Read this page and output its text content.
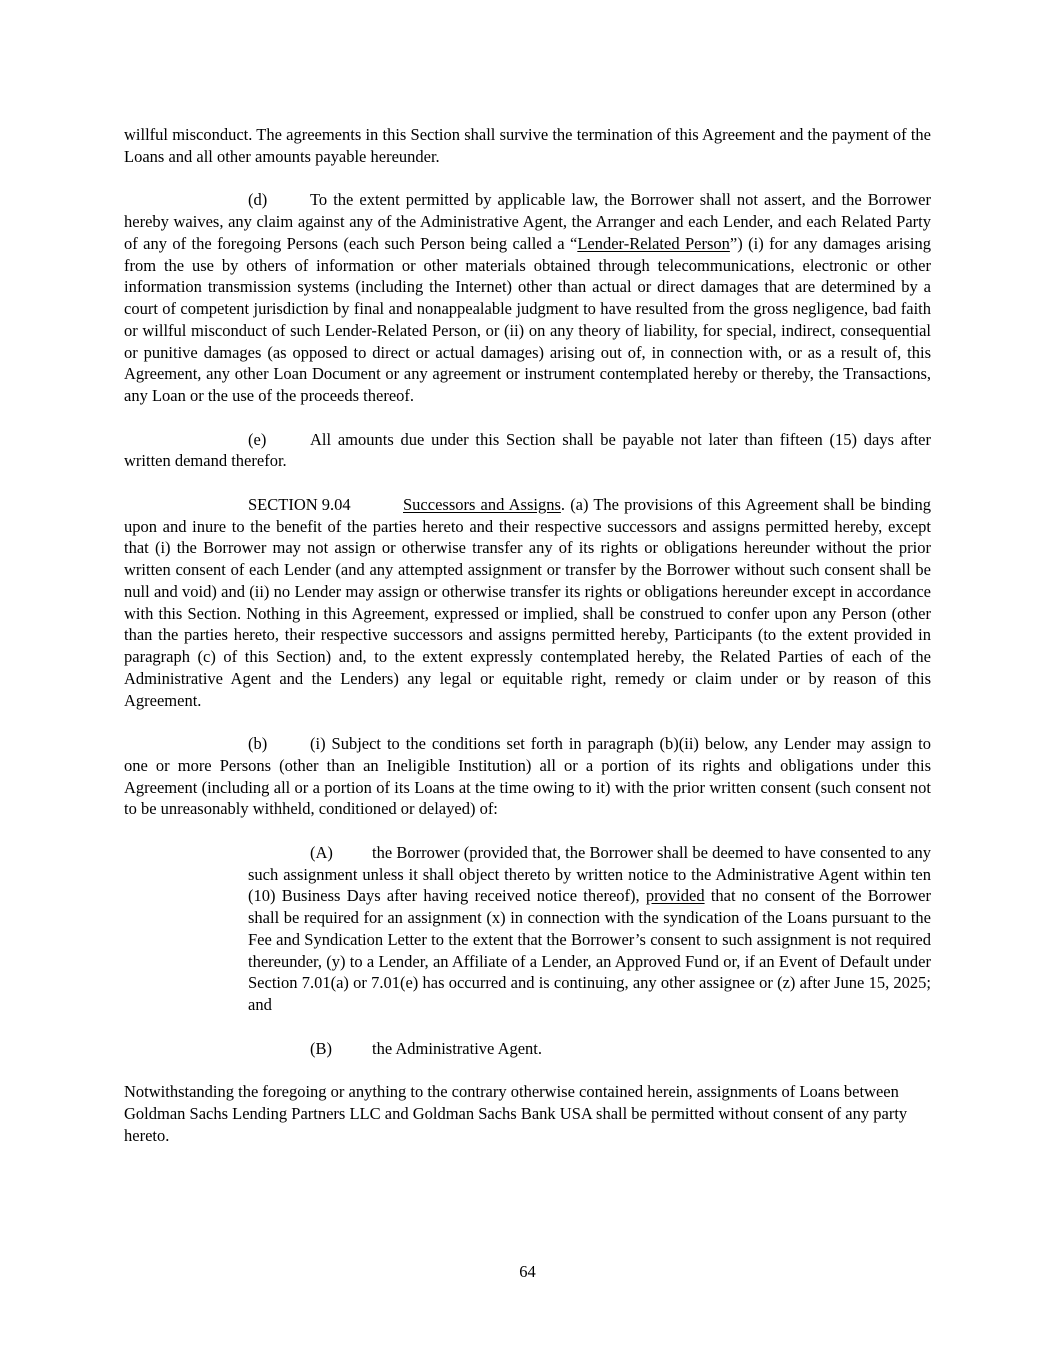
willful misconduct. The agreements in this Section shall survive the termination of this Agreement and the payment of the Loans and all other amounts payable hereunder.

(d)	To the extent permitted by applicable law, the Borrower shall not assert, and the Borrower hereby waives, any claim against any of the Administrative Agent, the Arranger and each Lender, and each Related Party of any of the foregoing Persons (each such Person being called a “Lender-Related Person”) (i) for any damages arising from the use by others of information or other materials obtained through telecommunications, electronic or other information transmission systems (including the Internet) other than actual or direct damages that are determined by a court of competent jurisdiction by final and nonappealable judgment to have resulted from the gross negligence, bad faith or willful misconduct of such Lender-Related Person, or (ii) on any theory of liability, for special, indirect, consequential or punitive damages (as opposed to direct or actual damages) arising out of, in connection with, or as a result of, this Agreement, any other Loan Document or any agreement or instrument contemplated hereby or thereby, the Transactions, any Loan or the use of the proceeds thereof.

(e)	All amounts due under this Section shall be payable not later than fifteen (15) days after written demand therefor.

SECTION 9.04	Successors and Assigns. (a) The provisions of this Agreement shall be binding upon and inure to the benefit of the parties hereto and their respective successors and assigns permitted hereby, except that (i) the Borrower may not assign or otherwise transfer any of its rights or obligations hereunder without the prior written consent of each Lender (and any attempted assignment or transfer by the Borrower without such consent shall be null and void) and (ii) no Lender may assign or otherwise transfer its rights or obligations hereunder except in accordance with this Section. Nothing in this Agreement, expressed or implied, shall be construed to confer upon any Person (other than the parties hereto, their respective successors and assigns permitted hereby, Participants (to the extent provided in paragraph (c) of this Section) and, to the extent expressly contemplated hereby, the Related Parties of each of the Administrative Agent and the Lenders) any legal or equitable right, remedy or claim under or by reason of this Agreement.

(b)	(i) Subject to the conditions set forth in paragraph (b)(ii) below, any Lender may assign to one or more Persons (other than an Ineligible Institution) all or a portion of its rights and obligations under this Agreement (including all or a portion of its Loans at the time owing to it) with the prior written consent (such consent not to be unreasonably withheld, conditioned or delayed) of:

(A) the Borrower (provided that, the Borrower shall be deemed to have consented to any such assignment unless it shall object thereto by written notice to the Administrative Agent within ten (10) Business Days after having received notice thereof), provided that no consent of the Borrower shall be required for an assignment (x) in connection with the syndication of the Loans pursuant to the Fee and Syndication Letter to the extent that the Borrower’s consent to such assignment is not required thereunder, (y) to a Lender, an Affiliate of a Lender, an Approved Fund or, if an Event of Default under Section 7.01(a) or 7.01(e) has occurred and is continuing, any other assignee or (z) after June 15, 2025; and

(B) the Administrative Agent.

Notwithstanding the foregoing or anything to the contrary otherwise contained herein, assignments of Loans between Goldman Sachs Lending Partners LLC and Goldman Sachs Bank USA shall be permitted without consent of any party hereto.

64
